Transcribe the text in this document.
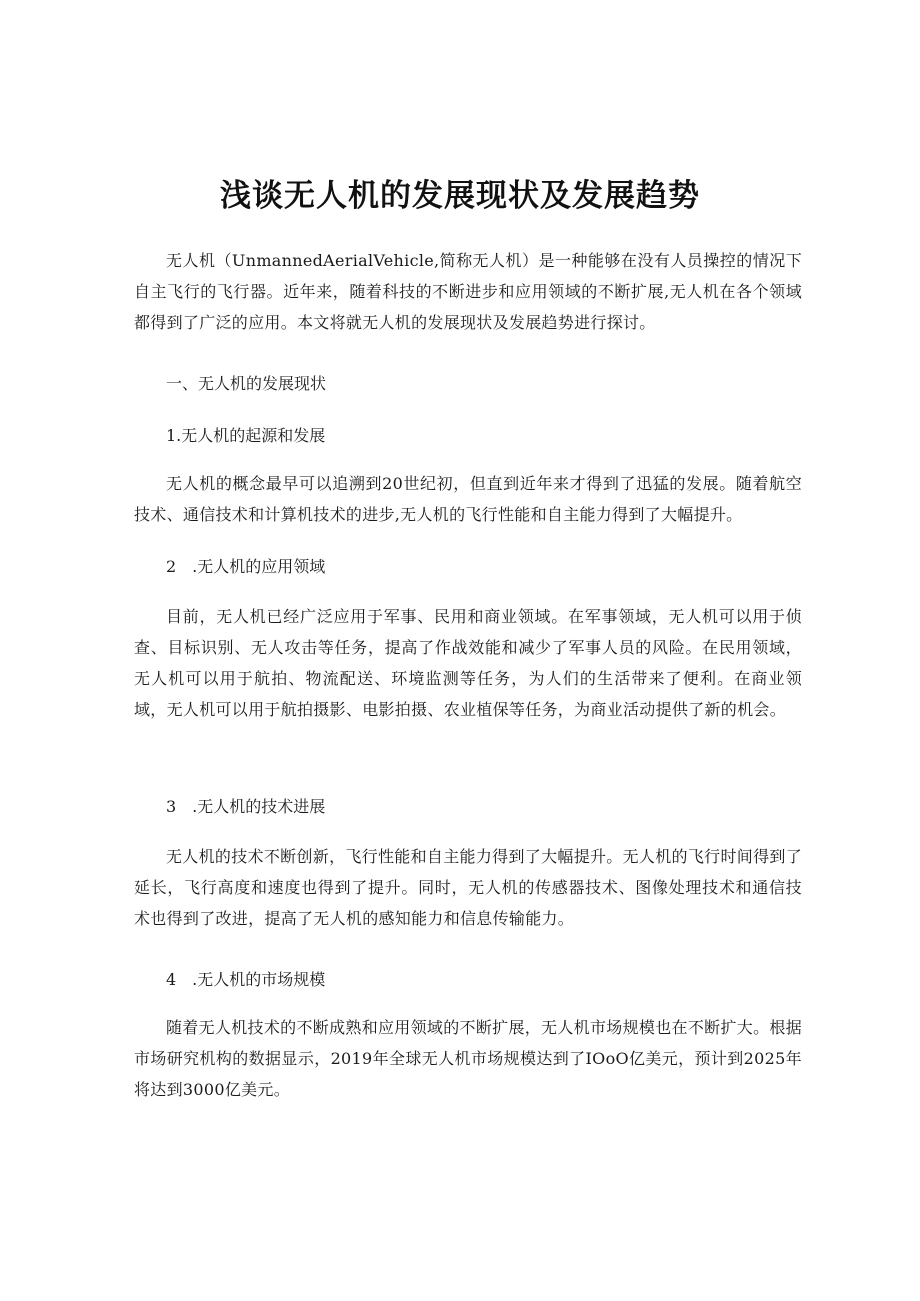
浅谈无人机的发展现状及发展趋势

无人机（UnmannedAerialVehicle,简称无人机）是一种能够在没有人员操控的情况下自主飞行的飞行器。近年来，随着科技的不断进步和应用领域的不断扩展,无人机在各个领域都得到了广泛的应用。本文将就无人机的发展现状及发展趋势进行探讨。

一、无人机的发展现状

1.无人机的起源和发展

无人机的概念最早可以追溯到20世纪初，但直到近年来才得到了迅猛的发展。随着航空技术、通信技术和计算机技术的进步,无人机的飞行性能和自主能力得到了大幅提升。

2　.无人机的应用领域

目前，无人机已经广泛应用于军事、民用和商业领域。在军事领域，无人机可以用于侦查、目标识别、无人攻击等任务，提高了作战效能和减少了军事人员的风险。在民用领域，无人机可以用于航拍、物流配送、环境监测等任务，为人们的生活带来了便利。在商业领域，无人机可以用于航拍摄影、电影拍摄、农业植保等任务，为商业活动提供了新的机会。

3　.无人机的技术进展

无人机的技术不断创新，飞行性能和自主能力得到了大幅提升。无人机的飞行时间得到了延长，飞行高度和速度也得到了提升。同时，无人机的传感器技术、图像处理技术和通信技术也得到了改进，提高了无人机的感知能力和信息传输能力。

4　.无人机的市场规模

随着无人机技术的不断成熟和应用领域的不断扩展，无人机市场规模也在不断扩大。根据市场研究机构的数据显示，2019年全球无人机市场规模达到了IOoO亿美元，预计到2025年将达到3000亿美元。
